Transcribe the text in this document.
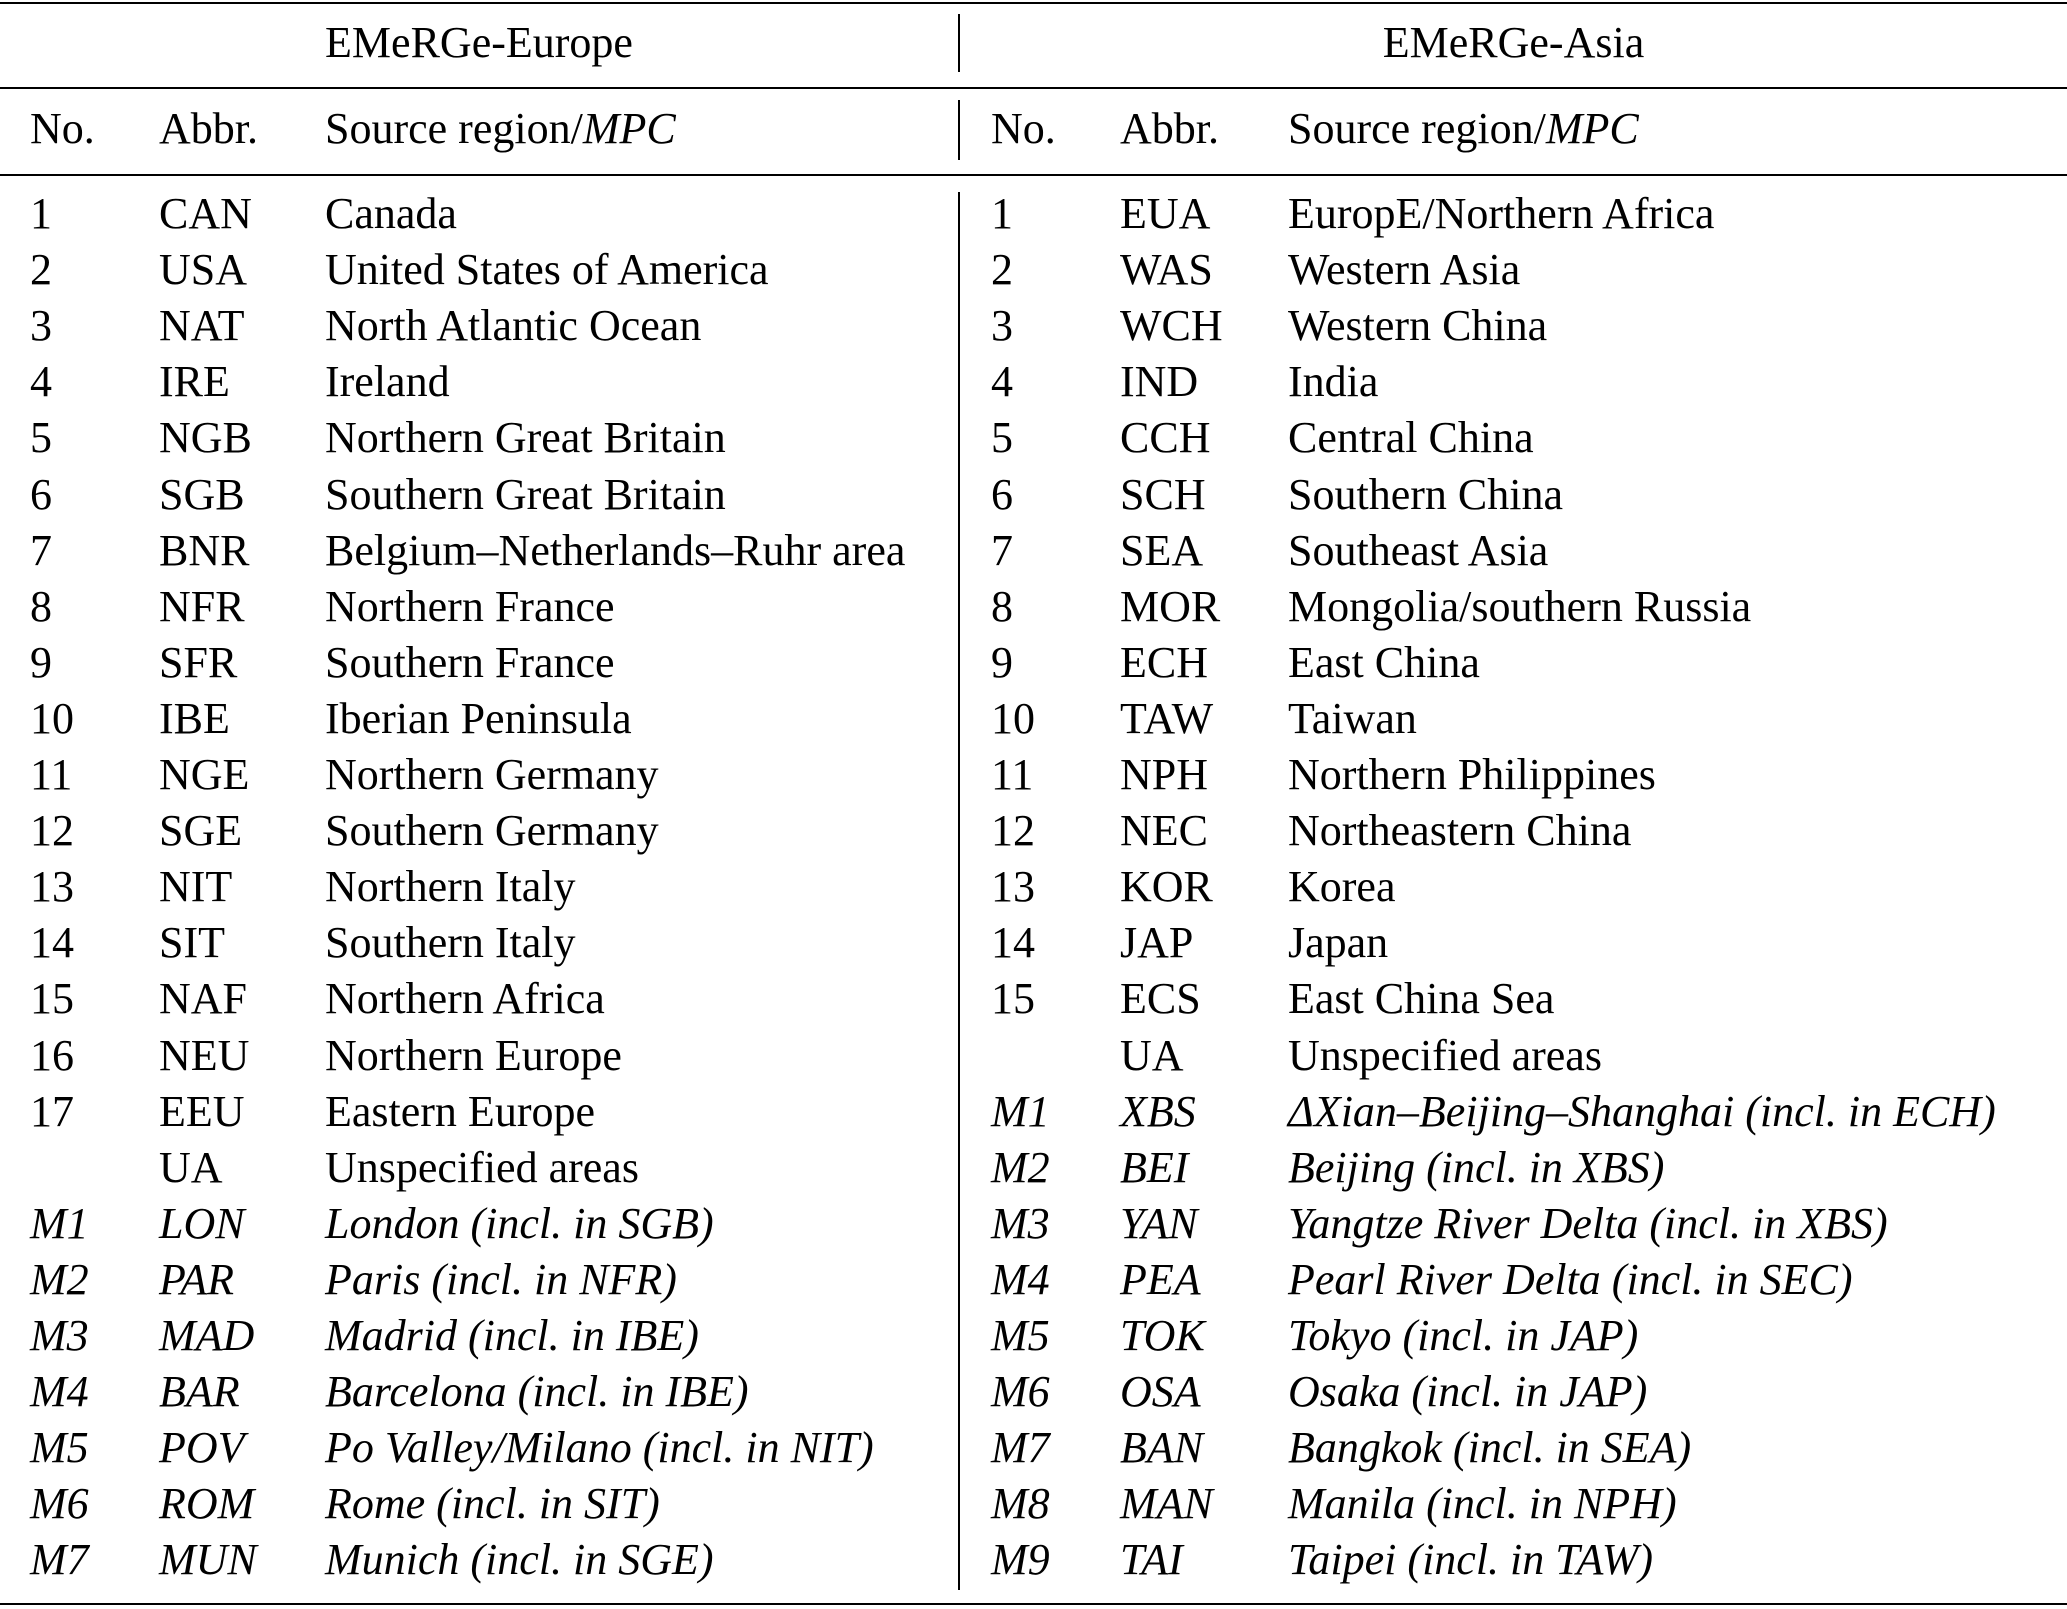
EMeRGe-Europe	EMeRGe-Asia
No. Abbr. Source region/MPC	No. Abbr. Source region/MPC
1 CAN Canada
2 USA United States of America
3 NAT North Atlantic Ocean
4 IRE Ireland
5 NGB Northern Great Britain
6 SGB Southern Great Britain
7 BNR Belgium–Netherlands–Ruhr area
8 NFR Northern France
9 SFR Southern France
10 IBE Iberian Peninsula
11 NGE Northern Germany
12 SGE Southern Germany
13 NIT Northern Italy
14 SIT Southern Italy
15 NAF Northern Africa
16 NEU Northern Europe
17 EEU Eastern Europe
UA Unspecified areas
M1 LON London (incl. in SGB)
M2 PAR Paris (incl. in NFR)
M3 MAD Madrid (incl. in IBE)
M4 BAR Barcelona (incl. in IBE)
M5 POV Po Valley/Milano (incl. in NIT)
M6 ROM Rome (incl. in SIT)
M7 MUN Munich (incl. in SGE)
1 EUA EuropE/Northern Africa
2 WAS Western Asia
3 WCH Western China
4 IND India
5 CCH Central China
6 SCH Southern China
7 SEA Southeast Asia
8 MOR Mongolia/southern Russia
9 ECH East China
10 TAW Taiwan
11 NPH Northern Philippines
12 NEC Northeastern China
13 KOR Korea
14 JAP Japan
15 ECS East China Sea
UA Unspecified areas
M1 XBS ΔXian–Beijing–Shanghai (incl. in ECH)
M2 BEI Beijing (incl. in XBS)
M3 YAN Yangtze River Delta (incl. in XBS)
M4 PEA Pearl River Delta (incl. in SEC)
M5 TOK Tokyo (incl. in JAP)
M6 OSA Osaka (incl. in JAP)
M7 BAN Bangkok (incl. in SEA)
M8 MAN Manila (incl. in NPH)
M9 TAI Taipei (incl. in TAW)
